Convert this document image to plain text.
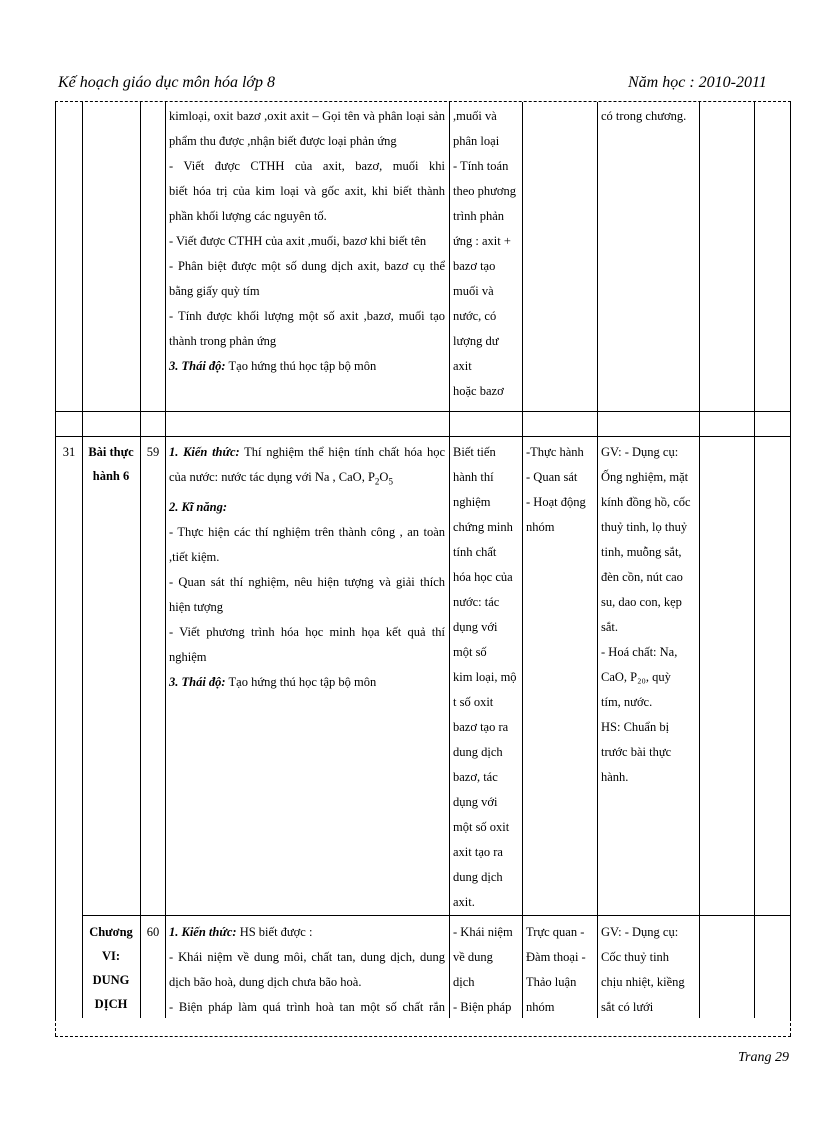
Kế hoạch giáo dục môn hóa lớp 8	Năm học : 2010-2011
kimloại, oxit bazơ ,oxit axit – Gọi tên và phân loại sản
phẩm thu được ,nhận biết được loại phản ứng
- Viết được CTHH của axit, bazơ, muối khi
biết hóa trị của kim loại và gốc axit, khi biết thành
phần khối lượng các nguyên tố.
- Viết được CTHH của axit ,muối, bazơ khi biết tên
- Phân biệt được một số dung dịch axit, bazơ cụ thể
bằng giấy quỳ tím
- Tính được khối lượng một số axit ,bazơ, muối tạo
thành trong phản ứng
3. Thái độ: Tạo hứng thú học tập bộ môn
,muối và
phân loại
- Tính toán
theo phương
trình phản
ứng : axit +
bazơ tạo
muối và
nước, có
lượng dư
axit
hoặc bazơ
có trong chương.
31	Bài thực hành 6
59 1. Kiến thức: Thí nghiệm thể hiện tính chất hóa học
của nước: nước tác dụng với Na , CaO, $P_2O_5$
2. Kĩ năng:
- Thực hiện các thí nghiệm trên thành công , an toàn
,tiết kiệm.
- Quan sát thí nghiệm, nêu hiện tượng và giải thích
hiện tượng
- Viết phương trình hóa học minh họa kết quả thí
nghiệm
3. Thái độ: Tạo hứng thú học tập bộ môn
Biết tiến
hành thí
nghiệm
chứng minh
tính chất
hóa học của
nước: tác
dụng với
một số
kim loại, mộ
t số oxit
bazơ tạo ra
dung dịch
bazơ, tác
dụng với
một số oxit
axit tạo ra
dung dịch
axit.
-Thực hành
- Quan sát
- Hoạt động
nhóm
GV: - Dụng cụ:
Ống nghiệm, mặt
kính đồng hồ, cốc
thuỷ tinh, lọ thuỷ
tinh, muỗng sắt,
đèn cồn, nút cao
su, dao con, kẹp
sắt.
- Hoá chất: Na,
CaO, P₂₀, quỳ
tím, nước.
HS: Chuẩn bị
trước bài thực
hành.
Chương
VI:
DUNG
DỊCH
60 1. Kiến thức: HS biết được :
- Khái niệm về dung môi, chất tan, dung dịch, dung
dịch bão hoà, dung dịch chưa bão hoà.
- Biện pháp làm quá trình hoà tan một số chất rắn
- Khái niệm
về dung
dịch
- Biện pháp
Trực quan -
Đàm thoại -
Thảo luận
nhóm
GV: - Dụng cụ:
Cốc thuỷ tinh
chịu nhiệt, kiềng
sắt có lưới
Trang 29
